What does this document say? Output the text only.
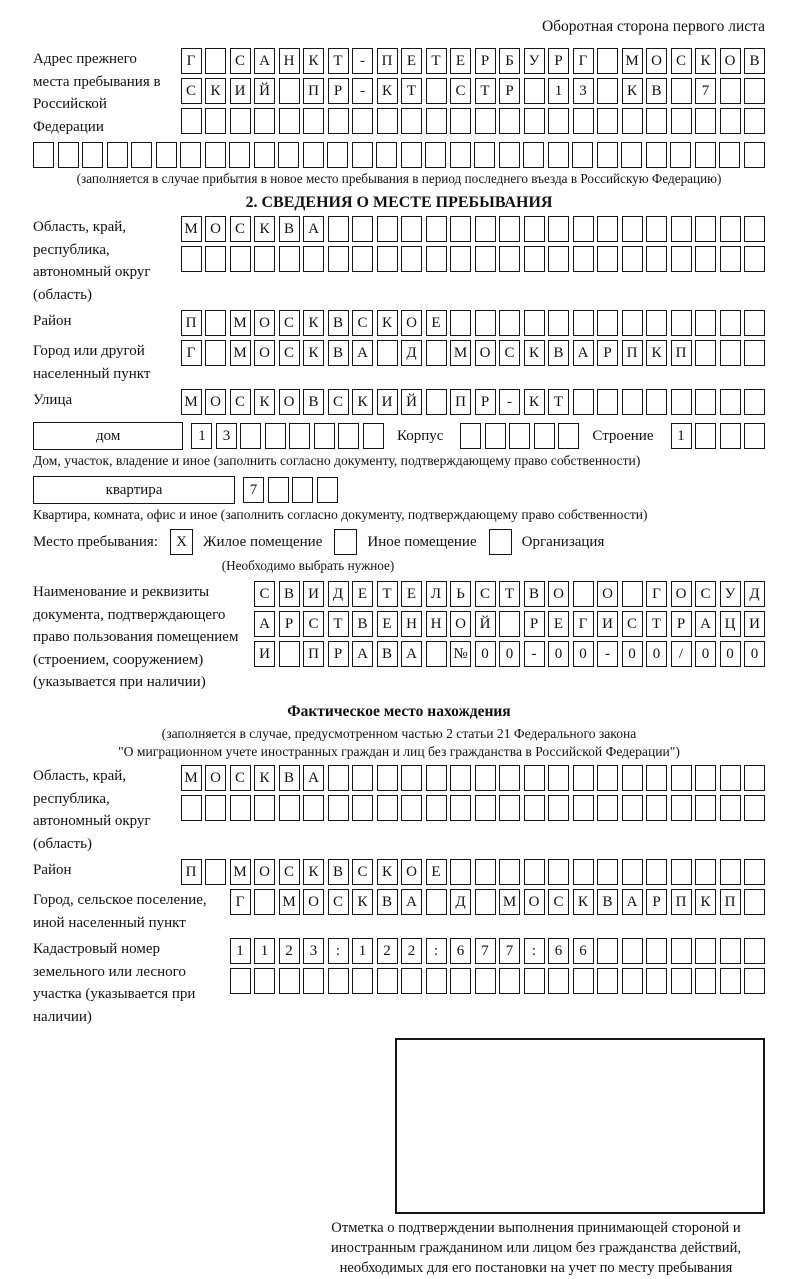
Оборотная сторона первого листа
Адрес прежнего места пребывания в Российской Федерации
Г	С А Н К Т	-	П Е	Т	Е	Р	Б У	Р	Г	М О С К О В
С К И Й	П Р	-	К Т	С Т	Р	1	3	К В	7
(заполняется в случае прибытия в новое место пребывания в период последнего въезда в Российскую Федерацию)
2. СВЕДЕНИЯ О МЕСТЕ ПРЕБЫВАНИЯ
Область, край, республика, автономный округ (область)
М О С К В А
Район	П	М О С К В С К О Е
Город или другой населенный пункт
Г	М О С К В А	Д	М О С К В А Р П К П
Улица	М О С К О В С К И Й	П Р	-	К Т
дом	1	3	Корпус	Строение	1
Дом, участок, владение и иное (заполнить согласно документу, подтверждающему право собственности)
квартира	7
Квартира, комната, офис и иное (заполнить согласно документу, подтверждающему право собственности)
Место пребывания:	X	Жилое помещение	Иное помещение	Организация
(Необходимо выбрать нужное)
Наименование и реквизиты документа, подтверждающего право пользования помещением (строением, сооружением) (указывается при наличии)
С В И Д Е	Т	Е Л	Ь	С Т В О	О	Г О С У Д
А Р	С Т В Е Н Н О Й	Р	Е	Г И С Т	Р А Ц И
И	П Р А В А	№ 0	0	-	0	0	-	0	0	/	0	0	0
Фактическое место нахождения
(заполняется в случае, предусмотренном частью 2 статьи 21 Федерального закона
"О миграционном учете иностранных граждан и лиц без гражданства в Российской Федерации")
Область, край, республика, автономный округ (область)
М О С К В А
Район	П	М О С К В С К О Е
Город, сельское поселение, иной населенный пункт
Г	М О С К В А	Д	М О С К В А Р П К П
Кадастровый номер земельного или лесного участка (указывается при наличии)
1	1	2	3	:	1	2	2	:	6	7	7	:	6	6
Отметка о подтверждении выполнения принимающей стороной и иностранным гражданином или лицом без гражданства действий, необходимых для его постановки на учет по месту пребывания
